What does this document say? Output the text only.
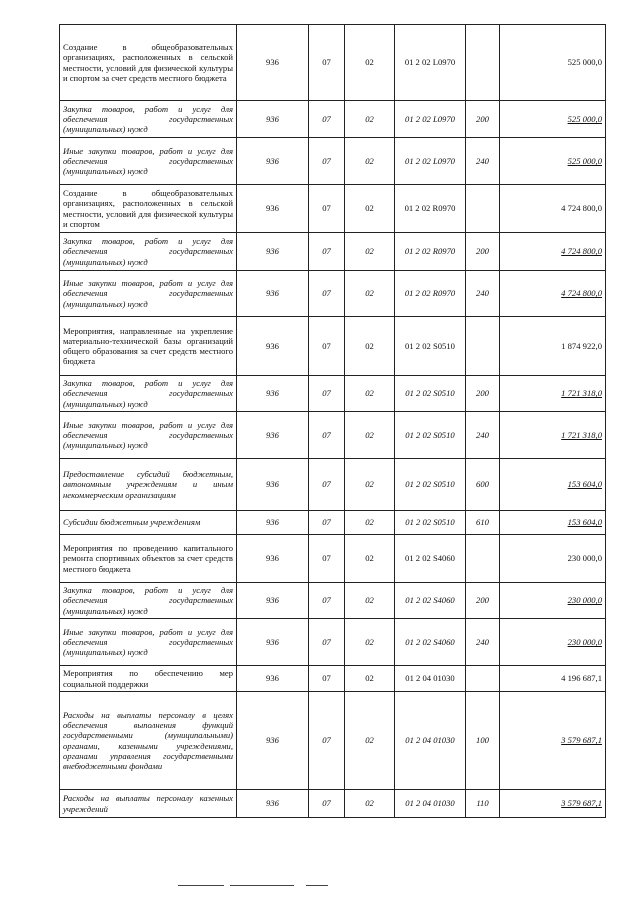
Создание в общеобразовательных организациях, расположенных в сельской местности, условий для физической культуры и спортом за счет средств местного бюджета	936	07	02	01 2 02 L0970		525 000,0
Закупка товаров, работ и услуг для обеспечения государственных (муниципальных) нужд	936	07	02	01 2 02 L0970	200	525 000,0
Иные закупки товаров, работ и услуг для обеспечения государственных (муниципальных) нужд	936	07	02	01 2 02 L0970	240	525 000,0
Создание в общеобразовательных организациях, расположенных в сельской местности, условий для физической культуры и спортом	936	07	02	01 2 02 R0970		4 724 800,0
Закупка товаров, работ и услуг для обеспечения государственных (муниципальных) нужд	936	07	02	01 2 02 R0970	200	4 724 800,0
Иные закупки товаров, работ и услуг для обеспечения государственных (муниципальных) нужд	936	07	02	01 2 02 R0970	240	4 724 800,0
Мероприятия, направленные на укрепление материально-технической базы организаций общего образования за счет средств местного бюджета	936	07	02	01 2 02 S0510		1 874 922,0
Закупка товаров, работ и услуг для обеспечения государственных (муниципальных) нужд	936	07	02	01 2 02 S0510	200	1 721 318,0
Иные закупки товаров, работ и услуг для обеспечения государственных (муниципальных) нужд	936	07	02	01 2 02 S0510	240	1 721 318,0
Предоставление субсидий бюджетным, автономным учреждениям и иным некоммерческим организациям	936	07	02	01 2 02 S0510	600	153 604,0
Субсидии бюджетным учреждениям	936	07	02	01 2 02 S0510	610	153 604,0
Мероприятия по проведению капитального ремонта спортивных объектов за счет средств местного бюджета	936	07	02	01 2 02 S4060		230 000,0
Закупка товаров, работ и услуг для обеспечения государственных (муниципальных) нужд	936	07	02	01 2 02 S4060	200	230 000,0
Иные закупки товаров, работ и услуг для обеспечения государственных (муниципальных) нужд	936	07	02	01 2 02 S4060	240	230 000,0
Мероприятия по обеспечению мер социальной поддержки	936	07	02	01 2 04 01030		4 196 687,1
Расходы на выплаты персоналу в целях обеспечения выполнения функций государственными (муниципальными) органами, казенными учреждениями, органами управления государственными внебюджетными фондами	936	07	02	01 2 04 01030	100	3 579 687,1
Расходы на выплаты персоналу казенных учреждений	936	07	02	01 2 04 01030	110	3 579 687,1
